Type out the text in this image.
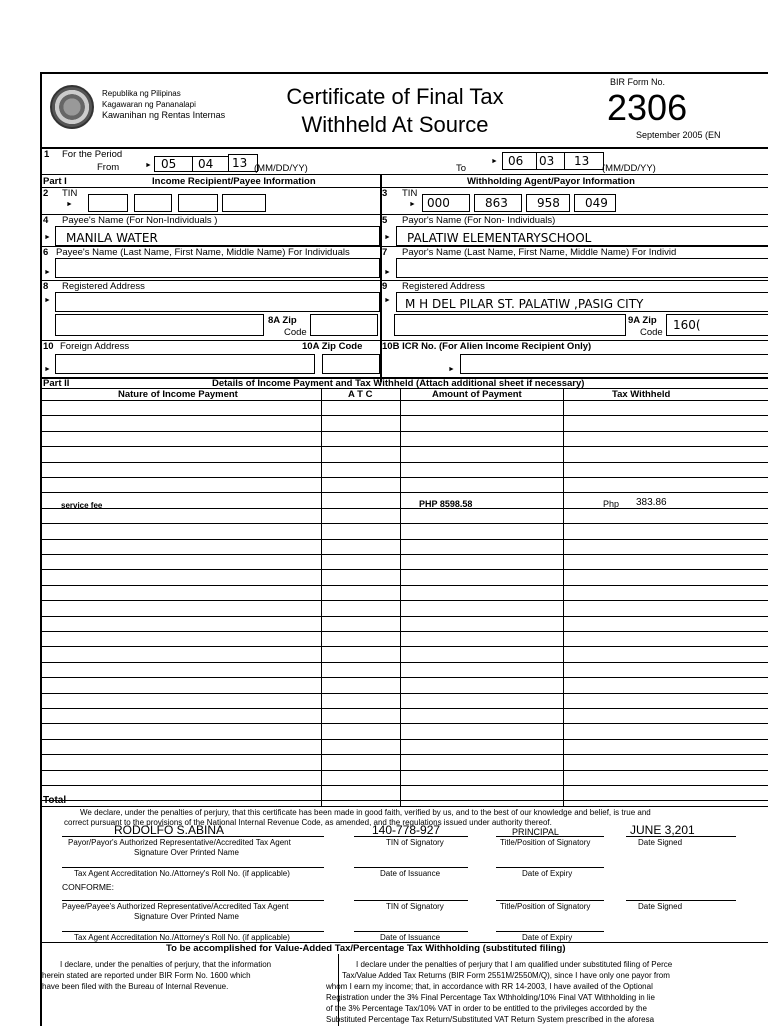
Republika ng Pilipinas
Kagawaran ng Pananalapi
Kawanihan ng Rentas Internas
Certificate of Final Tax
Withheld At Source
BIR Form No.
2306
September 2005 (EN
1 For the Period
From	► 05 04 13 (MM/DD/YY)	To
► 06 03 13
(MM/DD/YY)
Part I	Income Recipient/Payee Information	Withholding Agent/Payor Information
2 TIN
►
3 TIN
► 000	863 958 049
4 Payee's Name (For Non-Individuals )
► MANILA WATER
5 Payor's Name (For Non- Individuals)
► PALATIW ELEMENTARYSCHOOL
6 Payee's Name (Last Name, First Name, Middle Name) For Individuals
►
7 Payor's Name (Last Name, First Name, Middle Name) For Individ
►
8 Registered Address
►
9 Registered Address
► M H DEL PILAR ST. PALATIW ,PASIG CITY
8A Zip
Code
9A Zip
Code
160(
10 Foreign Address	10A Zip Code 10B ICR No. (For Alien Income Recipient Only)
►	►
Part II	Details of Income Payment and Tax Withheld (Attach additional sheet if necessary)
Nature of Income Payment	A T C	Amount of Payment	Tax Withheld
service fee	PHP 8598.58	Php 383.86
Total
We declare, under the penalties of perjury, that this certificate has been made in good faith, verified by us, and to the best of our knowledge and belief, is true and
correct pursuant to the provisions of the National Internal Revenue Code, as amended, and the regulations issued under authority thereof.
RODOLFO S.ABINA	140-778-927	PRINCIPAL	JUNE 3,201
Payor/Payor's Authorized Representative/Accredited Tax Agent
Signature Over Printed Name
TIN of Signatory	Title/Position of Signatory	Date Signed
Tax Agent Accreditation No./Attorney's Roll No. (if applicable)	Date of Issuance	Date of Expiry
CONFORME:
Payee/Payee's Authorized Representative/Accredited Tax Agent
Signature Over Printed Name
TIN of Signatory	Title/Position of Signatory	Date Signed
Tax Agent Accreditation No./Attorney's Roll No. (if applicable)	Date of Issuance	Date of Expiry
To be accomplished for Value-Added Tax/Percentage Tax Withholding (substituted filing)
I declare, under the penalties of perjury, that the information
herein stated are reported under BIR Form No. 1600 which
have been filed with the Bureau of Internal Revenue.
I declare under the penalties of perjury that I am qualified under substituted filing of Perce
Tax/Value Added Tax Returns (BIR Form 2551M/2550M/Q), since I have only one payor from
whom I earn my income; that, in accordance with RR 14-2003, I have availed of the Optional
Registration under the 3% Final Percentage Tax Wthholding/10% Final VAT Withholding in lie
of the 3% Percentage Tax/10% VAT in order to be entitled to the privileges accorded by the
Substituted Percentage Tax Return/Substituted VAT Return System prescribed in the aforesa
